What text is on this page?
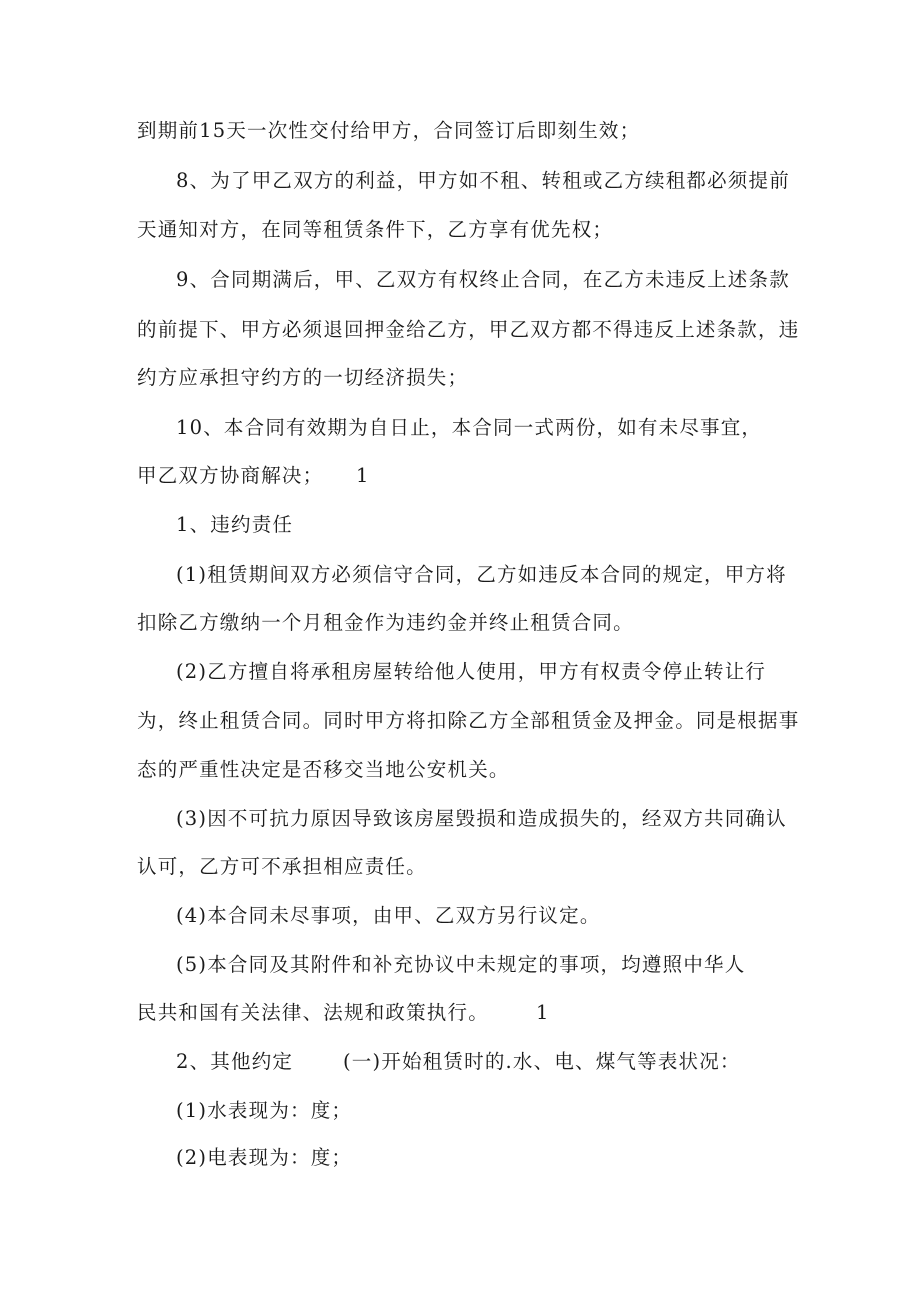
到期前15天一次性交付给甲方，合同签订后即刻生效；
8、为了甲乙双方的利益，甲方如不租、转租或乙方续租都必须提前
天通知对方，在同等租赁条件下，乙方享有优先权；
9、合同期满后，甲、乙双方有权终止合同，在乙方未违反上述条款
的前提下、甲方必须退回押金给乙方，甲乙双方都不得违反上述条款，违
约方应承担守约方的一切经济损失；
10、本合同有效期为自日止，本合同一式两份，如有未尽事宜，
甲乙双方协商解决； 1
1、违约责任
(1)租赁期间双方必须信守合同，乙方如违反本合同的规定，甲方将
扣除乙方缴纳一个月租金作为违约金并终止租赁合同。
(2)乙方擅自将承租房屋转给他人使用，甲方有权责令停止转让行
为，终止租赁合同。同时甲方将扣除乙方全部租赁金及押金。同是根据事
态的严重性决定是否移交当地公安机关。
(3)因不可抗力原因导致该房屋毁损和造成损失的，经双方共同确认
认可，乙方可不承担相应责任。
(4)本合同未尽事项，由甲、乙双方另行议定。
(5)本合同及其附件和补充协议中未规定的事项，均遵照中华人
民共和国有关法律、法规和政策执行。 1
2、其他约定	(一)开始租赁时的.水、电、煤气等表状况：
(1)水表现为：度；
(2)电表现为：度；
